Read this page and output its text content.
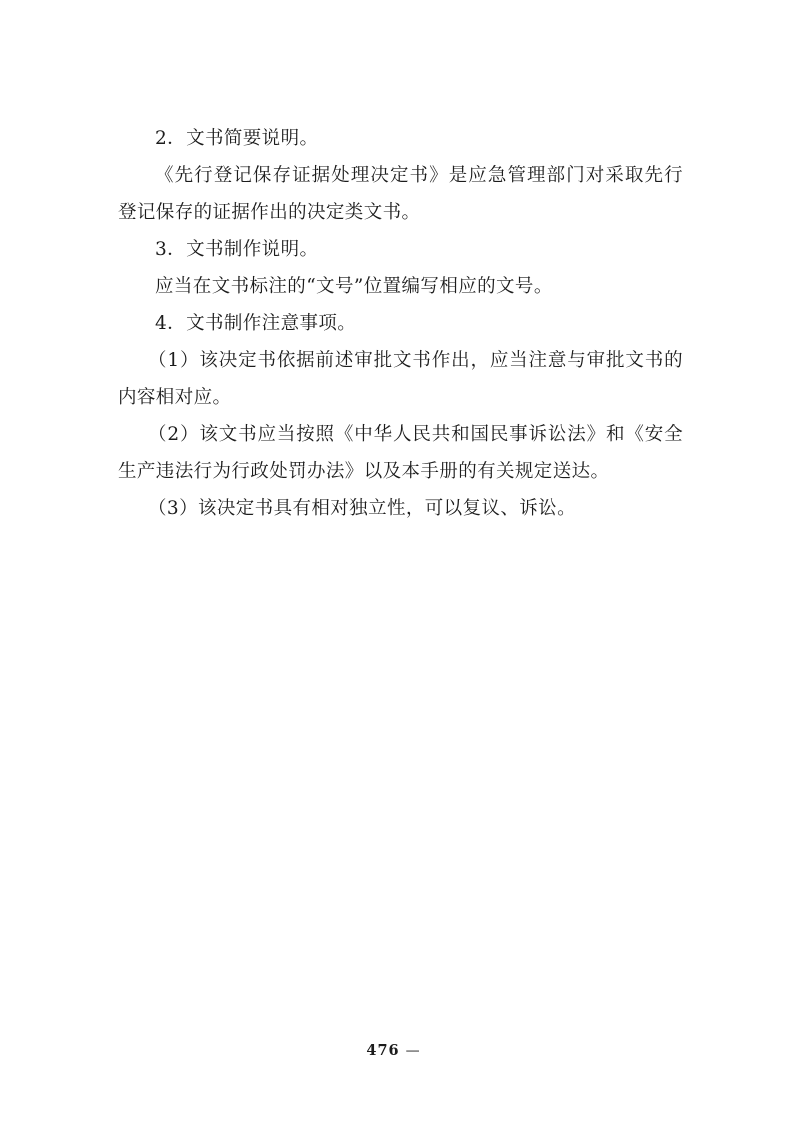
2．文书简要说明。

《先行登记保存证据处理决定书》是应急管理部门对采取先行登记保存的证据作出的决定类文书。

3．文书制作说明。

应当在文书标注的“文号”位置编写相应的文号。

4．文书制作注意事项。

（1）该决定书依据前述审批文书作出，应当注意与审批文书的内容相对应。

（2）该文书应当按照《中华人民共和国民事诉讼法》和《安全生产违法行为行政处罚办法》以及本手册的有关规定送达。

（3）该决定书具有相对独立性，可以复议、诉讼。

476 —
